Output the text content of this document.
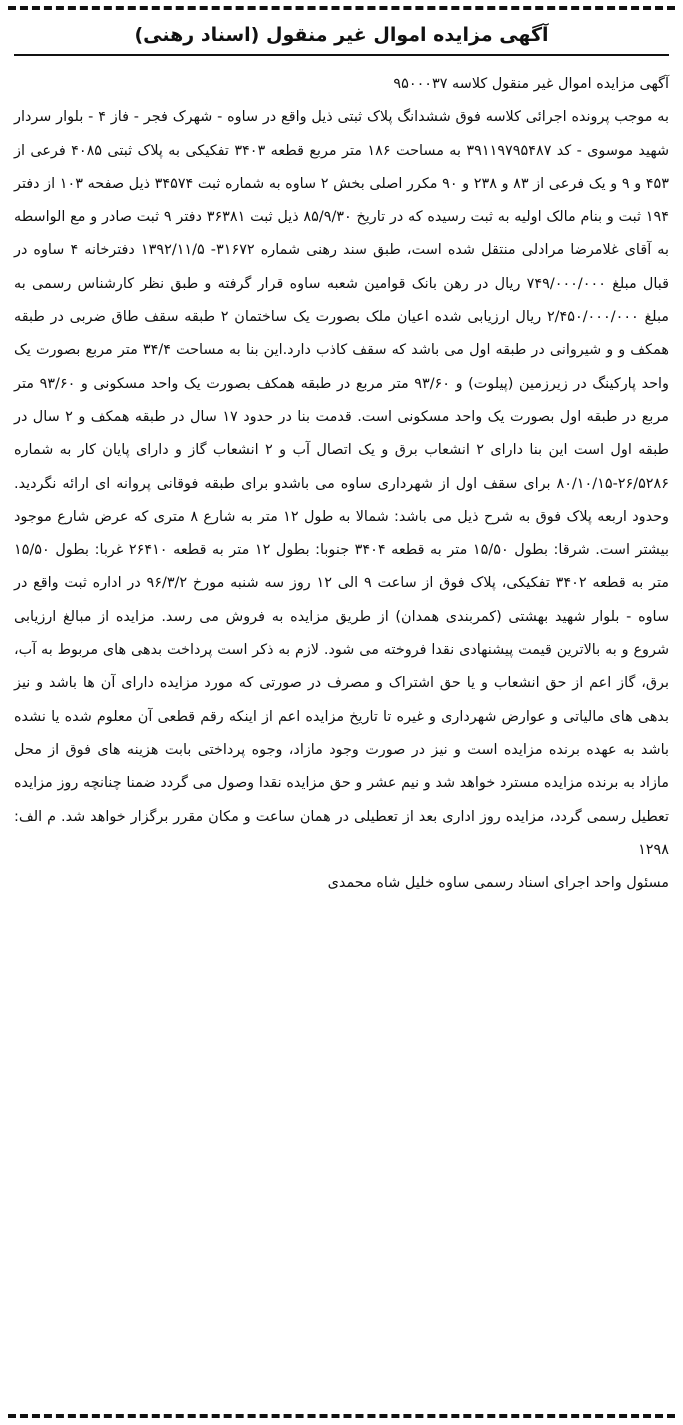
آگهی مزایده اموال غیر منقول (اسناد رهنی)

آگهی مزایده اموال غیر منقول کلاسه ۹۵۰۰۰۳۷

به موجب پرونده اجرائی کلاسه فوق ششدانگ پلاک ثبتی ذیل واقع در ساوه - شهرک فجر - فاز ۴ - بلوار سردار شهید موسوی - کد ۳۹۱۱۹۷۹۵۴۸۷ به مساحت ۱۸۶ متر مربع قطعه ۳۴۰۳ تفکیکی به پلاک ثبتی ۴۰۸۵ فرعی از ۴۵۳ و ۹ و یک فرعی از ۸۳ و ۲۳۸ و ۹۰ مکرر اصلی بخش ۲ ساوه به شماره ثبت ۳۴۵۷۴ ذیل صفحه ۱۰۳ از دفتر ۱۹۴ ثبت و بنام مالک اولیه به ثبت رسیده که در تاریخ ۸۵/۹/۳۰ ذیل ثبت ۳۶۳۸۱ دفتر ۹ ثبت صادر و مع الواسطه به آقای غلامرضا مرادلی منتقل شده است، طبق سند رهنی شماره ۳۱۶۷۲- ۱۳۹۲/۱۱/۵ دفترخانه ۴ ساوه در قبال مبلغ ۷۴۹/۰۰۰/۰۰۰ ریال در رهن بانک قوامین شعبه ساوه قرار گرفته و طبق نظر کارشناس رسمی به مبلغ ۲/۴۵۰/۰۰۰/۰۰۰ ریال ارزیابی شده اعیان ملک بصورت یک ساختمان ۲ طبقه سقف طاق ضربی در طبقه همکف و و شیروانی در طبقه اول می باشد که سقف کاذب دارد.این بنا به مساحت ۳۴/۴ متر مربع بصورت یک واحد پارکینگ در زیرزمین (پیلوت) و ۹۳/۶۰ متر مربع در طبقه همکف بصورت یک واحد مسکونی و ۹۳/۶۰ متر مربع در طبقه اول بصورت یک واحد مسکونی است. قدمت بنا در حدود ۱۷ سال در طبقه همکف و ۲ سال در طبقه اول است این بنا دارای ۲ انشعاب برق و یک اتصال آب و ۲ انشعاب گاز و دارای پایان کار به شماره ۲۶/۵۲۸۶-۸۰/۱۰/۱۵ برای سقف اول از شهرداری ساوه می باشدو برای طبقه فوقانی پروانه ای ارائه نگردید. وحدود اربعه پلاک فوق به شرح ذیل می باشد: شمالا به طول ۱۲ متر به شارع ۸ متری که عرض شارع موجود بیشتر است. شرقا: بطول ۱۵/۵۰ متر به قطعه ۳۴۰۴ جنوبا: بطول ۱۲ متر به قطعه ۲۶۴۱۰ غربا: بطول ۱۵/۵۰ متر به قطعه ۳۴۰۲ تفکیکی، پلاک فوق از ساعت ۹ الی ۱۲ روز سه شنبه مورخ ۹۶/۳/۲ در اداره ثبت واقع در ساوه - بلوار شهید بهشتی (کمربندی همدان) از طریق مزایده به فروش می رسد. مزایده از مبالغ ارزیابی شروع و به بالاترین قیمت پیشنهادی نقدا فروخته می شود. لازم به ذکر است پرداخت بدهی های مربوط به آب، برق، گاز اعم از حق انشعاب و یا حق اشتراک و مصرف در صورتی که مورد مزایده دارای آن ها باشد و نیز بدهی های مالیاتی و عوارض شهرداری و غیره تا تاریخ مزایده اعم از اینکه رقم قطعی آن معلوم شده یا نشده باشد به عهده برنده مزایده است و نیز در صورت وجود مازاد، وجوه پرداختی بابت هزینه های فوق از محل مازاد به برنده مزایده مسترد خواهد شد و نیم عشر و حق مزایده نقدا وصول می گردد ضمنا چنانچه روز مزایده تعطیل رسمی گردد، مزایده روز اداری بعد از تعطیلی در همان ساعت و مکان مقرر برگزار خواهد شد. م الف: ۱۲۹۸

مسئول واحد اجرای اسناد رسمی ساوه خلیل شاه محمدی
